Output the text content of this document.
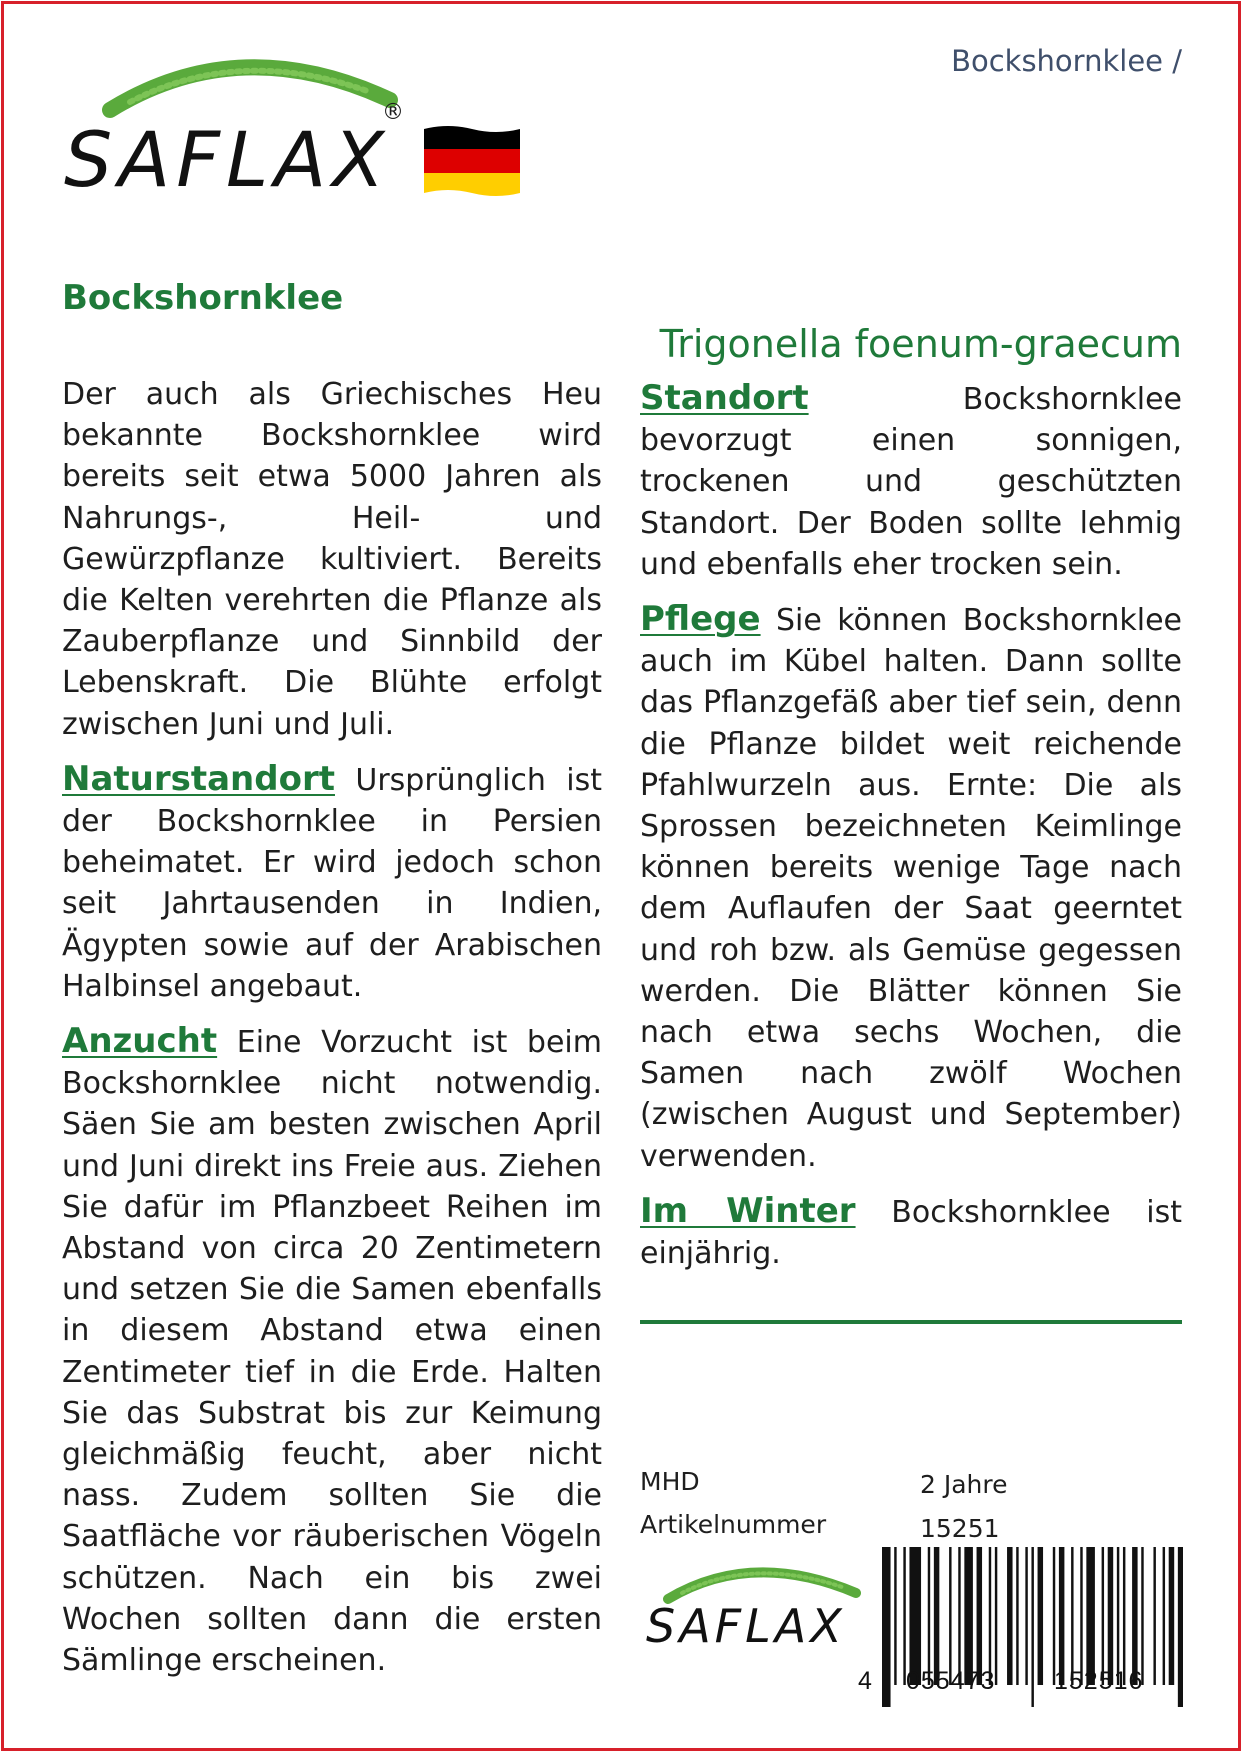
SAFLAX
®
Bockshornklee /
Bockshornklee
Trigonella foenum-graecum

Der auch als Griechisches Heu bekannte Bockshornklee wird bereits seit etwa 5000 Jahren als Nahrungs-, Heil- und Gewürzpflanze kultiviert. Bereits die Kelten verehrten die Pflanze als Zauberpflanze und Sinnbild der Lebenskraft. Die Blühte erfolgt zwischen Juni und Juli.

Naturstandort Ursprünglich ist der Bockshornklee in Persien beheimatet. Er wird jedoch schon seit Jahrtausenden in Indien, Ägypten sowie auf der Arabischen Halbinsel angebaut.

Anzucht Eine Vorzucht ist beim Bockshornklee nicht notwendig. Säen Sie am besten zwischen April und Juni direkt ins Freie aus. Ziehen Sie dafür im Pflanzbeet Reihen im Abstand von circa 20 Zentimetern und setzen Sie die Samen ebenfalls in diesem Abstand etwa einen Zentimeter tief in die Erde. Halten Sie das Substrat bis zur Keimung gleichmäßig feucht, aber nicht nass. Zudem sollten Sie die Saatfläche vor räuberischen Vögeln schützen. Nach ein bis zwei Wochen sollten dann die ersten Sämlinge erscheinen.

Standort	Bockshornklee bevorzugt einen sonnigen, trockenen und geschützten Standort. Der Boden sollte lehmig und ebenfalls eher trocken sein.

Pflege Sie können Bockshornklee auch im Kübel halten. Dann sollte das Pflanzgefäß aber tief sein, denn die Pflanze bildet weit reichende Pfahlwurzeln aus. Ernte: Die als Sprossen bezeichneten Keimlinge können bereits wenige Tage nach dem Auflaufen der Saat geerntet und roh bzw. als Gemüse gegessen werden. Die Blätter können Sie nach etwa sechs Wochen, die Samen nach zwölf Wochen (zwischen August und September) verwenden.

Im Winter Bockshornklee ist einjährig.

MHD	2 Jahre
Artikelnummer	15251
SAFLAX
4 055473 152516
